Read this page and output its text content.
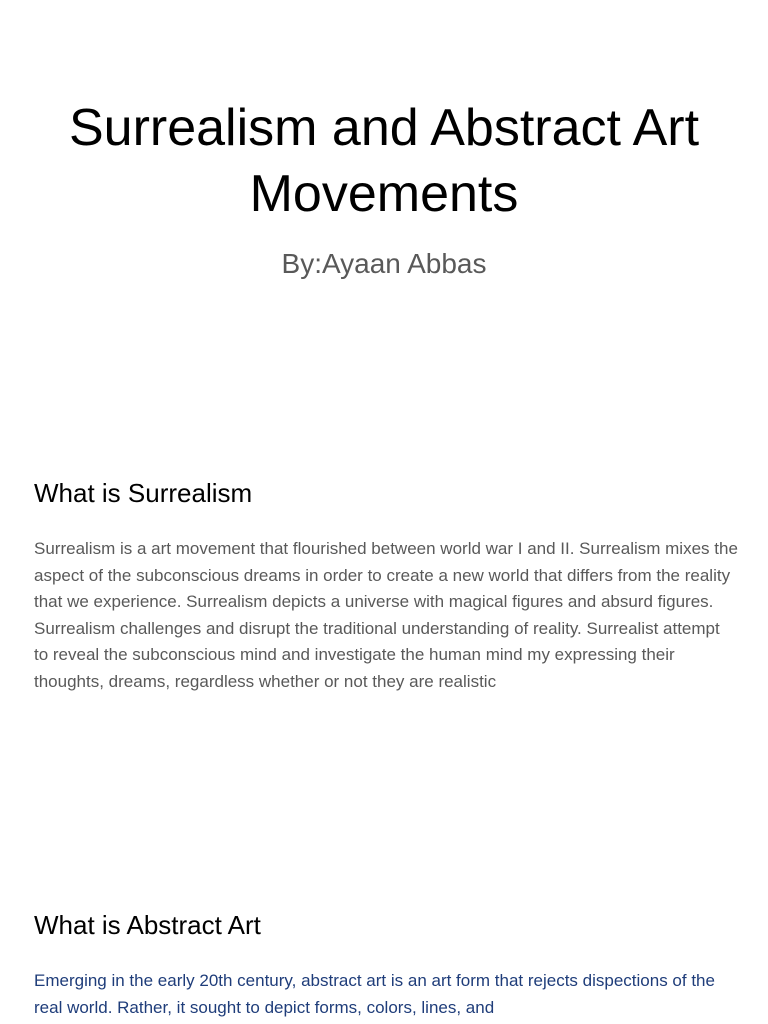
Surrealism and Abstract Art Movements

By:Ayaan Abbas

What is Surrealism

Surrealism is a art movement that flourished between world war I and II. Surrealism mixes the aspect of the subconscious dreams in order to create a new world that differs from the reality that we experience. Surrealism depicts a universe with magical figures and absurd figures. Surrealism challenges and disrupt the traditional understanding of reality. Surrealist attempt to reveal the subconscious mind and investigate the human mind my expressing their thoughts, dreams, regardless whether or not they are realistic

What is Abstract Art

Emerging in the early 20th century, abstract art is an art form that rejects dispections of the real world. Rather, it sought to depict forms, colors, lines, and
